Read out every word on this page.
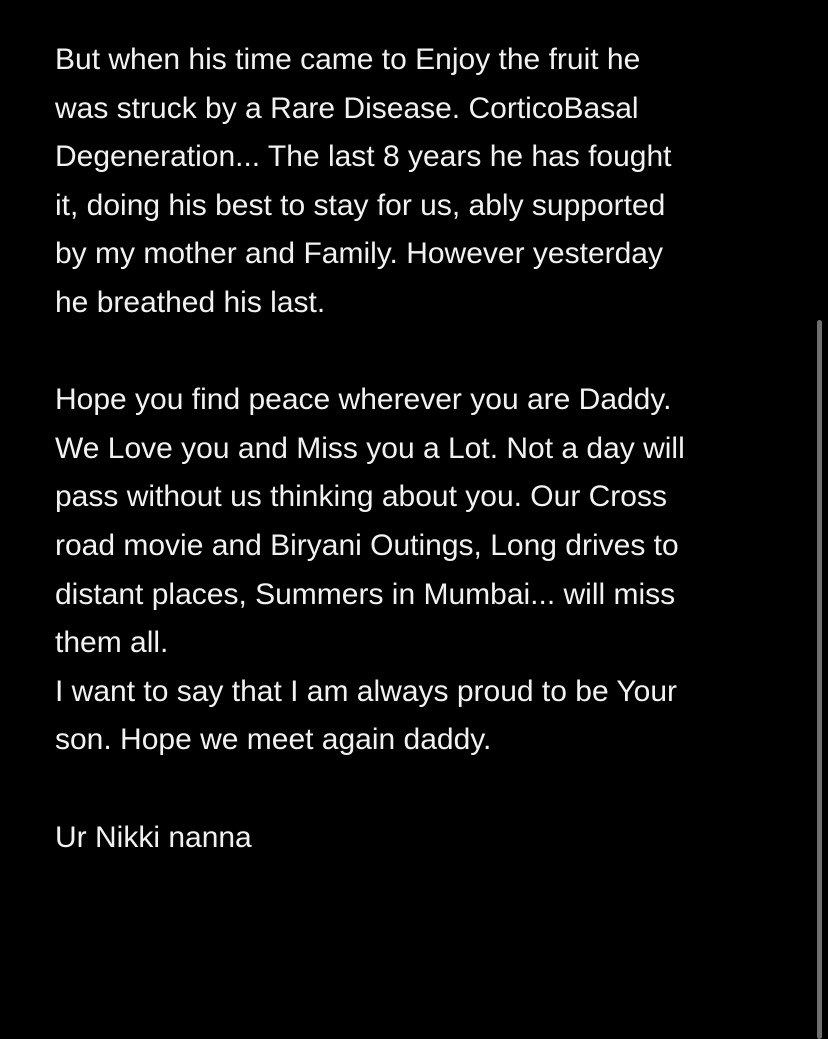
But when his time came to Enjoy the fruit he
was struck by a Rare Disease. CorticoBasal
Degeneration... The last 8 years he has fought
it, doing his best to stay for us, ably supported
by my mother and Family. However yesterday
he breathed his last.
Hope you find peace wherever you are Daddy.
We Love you and Miss you a Lot. Not a day will
pass without us thinking about you. Our Cross
road movie and Biryani Outings, Long drives to
distant places, Summers in Mumbai... will miss
them all.
I want to say that I am always proud to be Your
son. Hope we meet again daddy.
Ur Nikki nanna
